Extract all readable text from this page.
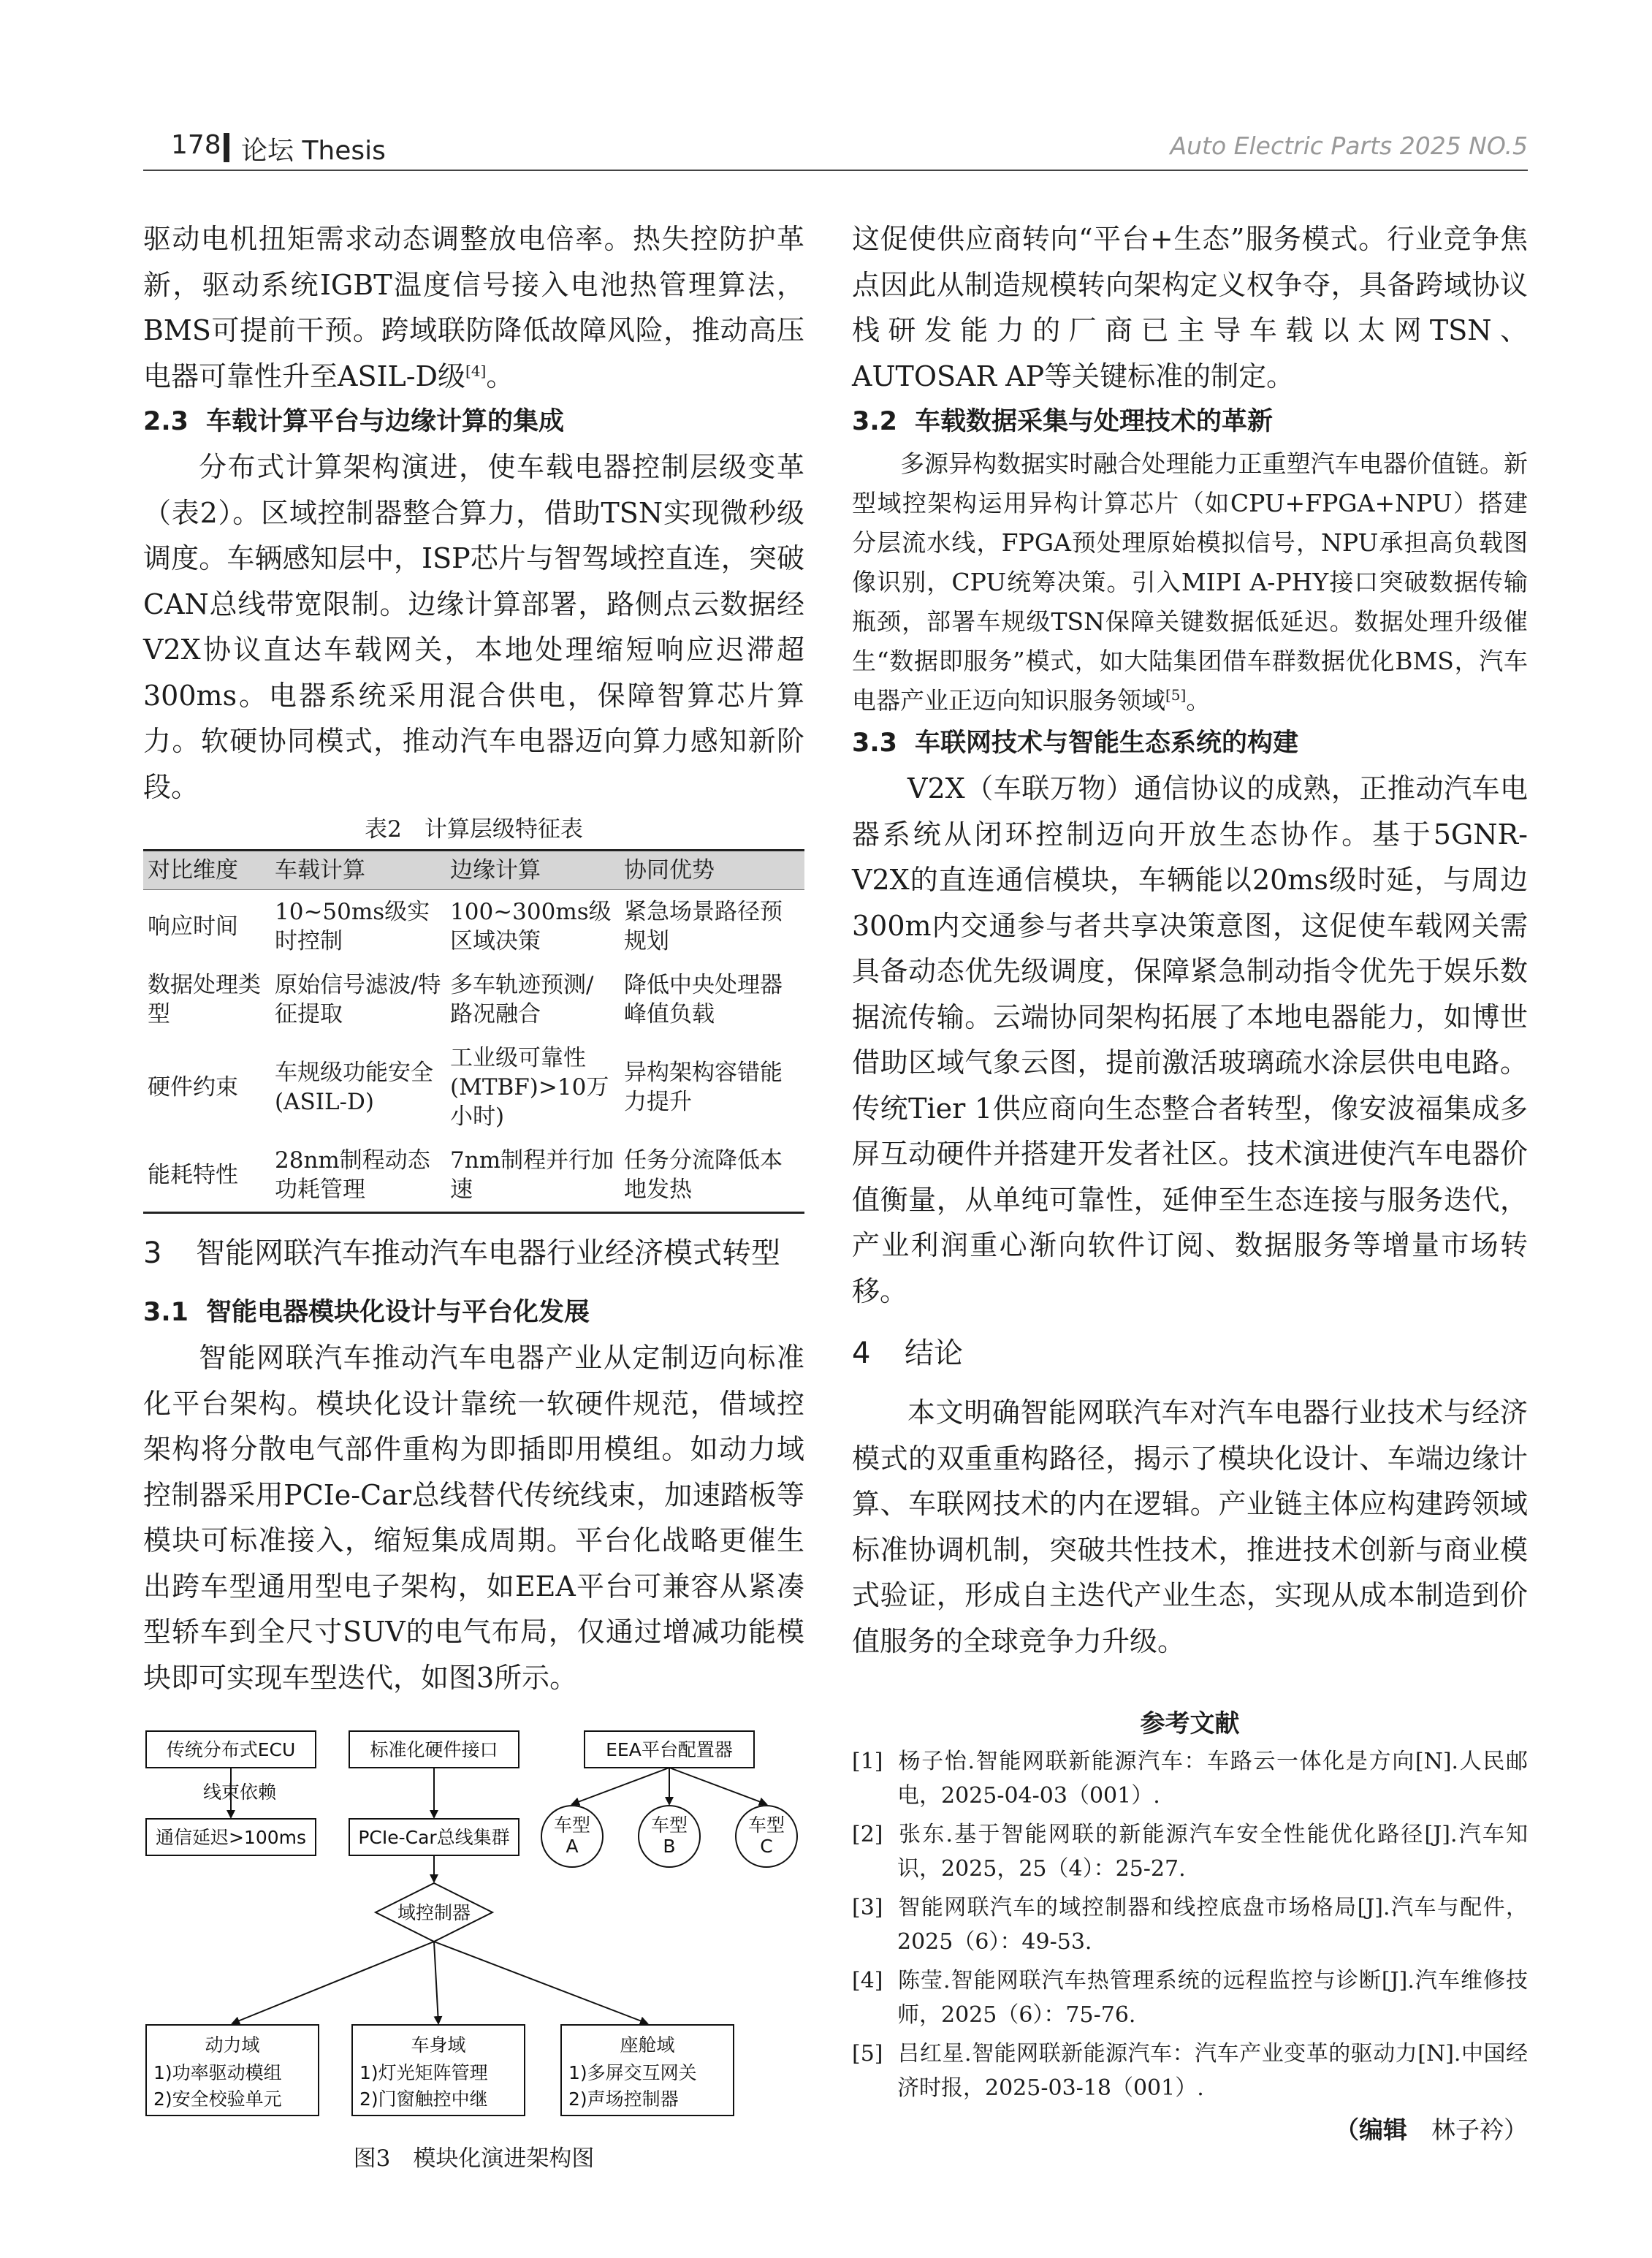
178 论坛 Thesis	Auto Electric Parts 2025 NO.5

驱动电机扭矩需求动态调整放电倍率。热失控防护革新，驱动系统IGBT温度信号接入电池热管理算法，BMS可提前干预。跨域联防降低故障风险，推动高压电器可靠性升至ASIL-D级[4]。

2.3 车载计算平台与边缘计算的集成

分布式计算架构演进，使车载电器控制层级变革（表2）。区域控制器整合算力，借助TSN实现微秒级调度。车辆感知层中，ISP芯片与智驾域控直连，突破CAN总线带宽限制。边缘计算部署，路侧点云数据经V2X协议直达车载网关，本地处理缩短响应迟滞超300ms。电器系统采用混合供电，保障智算芯片算力。软硬协同模式，推动汽车电器迈向算力感知新阶段。

表2　计算层级特征表
对比维度	车载计算	边缘计算	协同优势
响应时间	10~50ms级实时控制	100~300ms级区域决策	紧急场景路径预规划
数据处理类型	原始信号滤波/特征提取	多车轨迹预测/路况融合	降低中央处理器峰值负载
硬件约束	车规级功能安全(ASIL-D)	工业级可靠性(MTBF)>10万小时)	异构架构容错能力提升
能耗特性	28nm制程动态功耗管理	7nm制程并行加速	任务分流降低本地发热
3 智能网联汽车推动汽车电器行业经济模式转型
3.1 智能电器模块化设计与平台化发展

智能网联汽车推动汽车电器产业从定制迈向标准化平台架构。模块化设计靠统一软硬件规范，借域控架构将分散电气部件重构为即插即用模组。如动力域控制器采用PCIe-Car总线替代传统线束，加速踏板等模块可标准接入，缩短集成周期。平台化战略更催生出跨车型通用型电子架构，如EEA平台可兼容从紧凑型轿车到全尺寸SUV的电气布局，仅通过增减功能模块即可实现车型迭代，如图3所示。

传统分布式ECU	标准化硬件接口	EEA平台配置器
线束依赖
通信延迟>100ms	PCIe-Car总线集群
车型
A
车型
B
车型
C
域控制器
动力域
1)功率驱动模组
2)安全校验单元
车身域
1)灯光矩阵管理
2)门窗触控中继
座舱域
1)多屏交互网关
2)声场控制器
图3　模块化演进架构图

这促使供应商转向“平台+生态”服务模式。行业竞争焦点因此从制造规模转向架构定义权争夺，具备跨域协议栈研发能力的厂商已主导车载以太网TSN、AUTOSAR AP等关键标准的制定。

3.2 车载数据采集与处理技术的革新

多源异构数据实时融合处理能力正重塑汽车电器价值链。新型域控架构运用异构计算芯片（如CPU+FPGA+NPU）搭建分层流水线，FPGA预处理原始模拟信号，NPU承担高负载图像识别，CPU统筹决策。引入MIPI A-PHY接口突破数据传输瓶颈，部署车规级TSN保障关键数据低延迟。数据处理升级催生“数据即服务”模式，如大陆集团借车群数据优化BMS，汽车电器产业正迈向知识服务领域[5]。

3.3 车联网技术与智能生态系统的构建

V2X（车联万物）通信协议的成熟，正推动汽车电器系统从闭环控制迈向开放生态协作。基于5GNR-V2X的直连通信模块，车辆能以20ms级时延，与周边300m内交通参与者共享决策意图，这促使车载网关需具备动态优先级调度，保障紧急制动指令优先于娱乐数据流传输。云端协同架构拓展了本地电器能力，如博世借助区域气象云图，提前激活玻璃疏水涂层供电电路。传统Tier 1供应商向生态整合者转型，像安波福集成多屏互动硬件并搭建开发者社区。技术演进使汽车电器价值衡量，从单纯可靠性，延伸至生态连接与服务迭代，产业利润重心渐向软件订阅、数据服务等增量市场转移。

4 结论

本文明确智能网联汽车对汽车电器行业技术与经济模式的双重重构路径，揭示了模块化设计、车端边缘计算、车联网技术的内在逻辑。产业链主体应构建跨领域标准协调机制，突破共性技术，推进技术创新与商业模式验证，形成自主迭代产业生态，实现从成本制造到价值服务的全球竞争力升级。

参考文献
[1] 杨子怡.智能网联新能源汽车：车路云一体化是方向[N].人民邮电，2025-04-03（001）.
[2] 张东.基于智能网联的新能源汽车安全性能优化路径[J].汽车知识，2025，25（4）：25-27.
[3] 智能网联汽车的域控制器和线控底盘市场格局[J].汽车与配件，2025（6）：49-53.
[4] 陈莹.智能网联汽车热管理系统的远程监控与诊断[J].汽车维修技师，2025（6）：75-76.
[5] 吕红星.智能网联新能源汽车：汽车产业变革的驱动力[N].中国经济时报，2025-03-18（001）.
（编辑  林子衿）
